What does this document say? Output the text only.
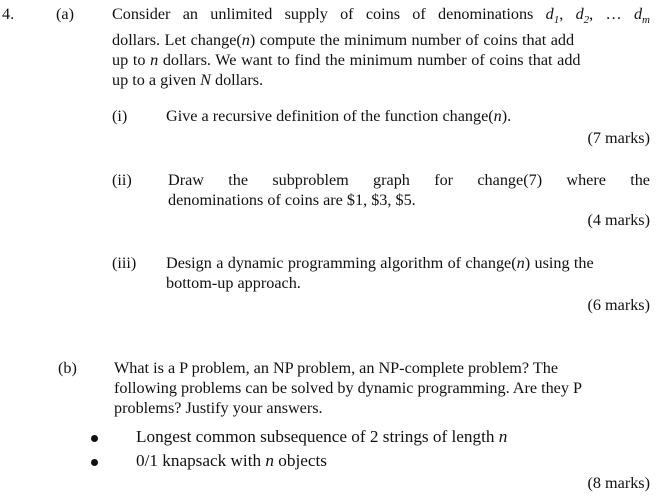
4.	(a) Consider an unlimited supply of coins of denominations $d_1$, $d_2$, … $d_m$
dollars. Let change(n) compute the minimum number of coins that add
up to n dollars. We want to find the minimum number of coins that add
up to a given N dollars.
(i) Give a recursive definition of the function change(n).
(7 marks)
(ii) Draw the subproblem graph for change(7) where the
denominations of coins are $1, $3, $5.
(4 marks)
(iii) Design a dynamic programming algorithm of change(n) using the
bottom-up approach.
(6 marks)
(b) What is a P problem, an NP problem, an NP-complete problem? The
following problems can be solved by dynamic programming. Are they P
problems? Justify your answers.
Longest common subsequence of 2 strings of length n
0/1 knapsack with n objects
(8 marks)
